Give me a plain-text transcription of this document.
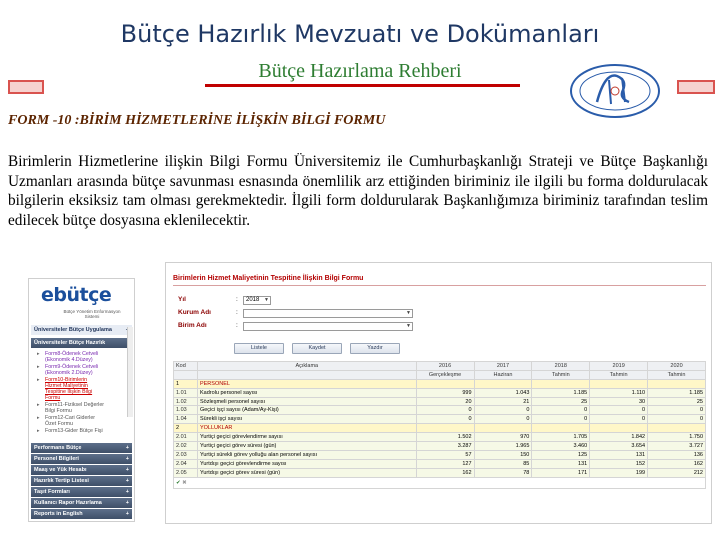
Bütçe Hazırlık Mevzuatı ve Dokümanları
Bütçe Hazırlama Rehberi
FORM -10 :BİRİM HİZMETLERİNE İLİŞKİN BİLGİ FORMU
Birimlerin Hizmetlerine ilişkin Bilgi Formu Üniversitemiz ile Cumhurbaşkanlığı Strateji ve Bütçe Başkanlığı Uzmanları arasında bütçe savunması esnasında önemlilik arz ettiğinden biriminiz ile ilgili bu forma doldurulacak bilgilerin eksiksiz tam olması gerekmektedir. İlgili form doldurularak Başkanlığımıza biriminiz tarafından teslim edilecek bütçe dosyasına eklenilecektir.
ebütçe
Bütçe Yönetim Enformasyon Sistemi
Üniversiteler Bütçe Uygulama
Üniversiteler Bütçe Hazırlık
▸ Form8-Ödenek Cetveli (Ekonomik 4.Düzey)
▸ Form9-Ödenek Cetveli (Ekonomik 2.Düzey)
▸ Form10-Birimlerin Hizmet Maliyetinin Tespitine İlişkin Bilgi Formu
▸ Form11-Fiziksel Değerler Bilgi Formu
▸ Form12-Cari Giderler Özet Formu
▸ Form13-Gider Bütçe Fişi
Performans Bütçe	+
Personel Bilgileri	+
Maaş ve Yük Hesabı	+
Hazırlık Tertip Listesi	+
Taşıt Formları	+
Kullanıcı Rapor Hazırlama	+
Reports in English	+
Birimlerin Hizmet Maliyetinin Tespitine İlişkin Bilgi Formu
Yıl	:	2018 ▼
Kurum Adı	:	▼
Birim Adı	:	▼
Listele	Kaydet	Yazdır
Kod	Açıklama	2016	2017	2018	2019	2020
		Gerçekleşme	Haziran	Tahmin	Tahmin	Tahmin
1	PERSONEL					
1.01	Kadrolu personel sayısı	999	1.043	1.185	1.110	1.185
1.02	Sözleşmeli personel sayısı	20	21	25	30	25
1.03	Geçici işçi sayısı (Adam/Ay-Kişi)	0	0	0	0	0
1.04	Sürekli işçi sayısı	0	0	0	0	0
2	YOLLUKLAR					
2.01	Yurtiçi geçici görevlendirme sayısı	1.502	970	1.705	1.842	1.750
2.02	Yurtiçi geçici görev süresi (gün)	3.287	1.965	3.460	3.654	3.727
2.03	Yurtiçi sürekli görev yolluğu alan personel sayısı	57	150	125	131	136
2.04	Yurtdışı geçici görevlendirme sayısı	127	85	131	152	162
2.05	Yurtdışı geçici görev süresi (gün)	162	78	171	199	212
✔ ✖						
